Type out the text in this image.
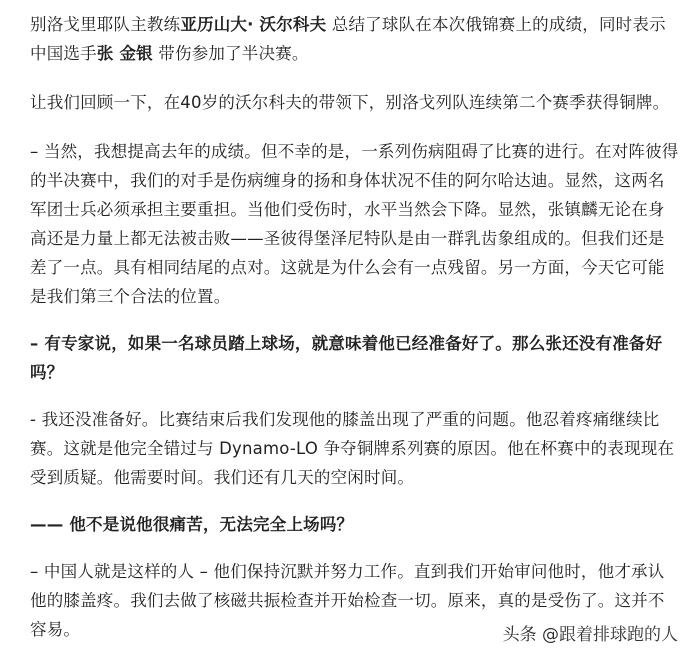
别洛戈里耶队主教练亚历山大· 沃尔科夫 总结了球队在本次俄锦赛上的成绩，同时表示中国选手张 金银 带伤参加了半决赛。

让我们回顾一下，在40岁的沃尔科夫的带领下，别洛戈列队连续第二个赛季获得铜牌。

– 当然，我想提高去年的成绩。但不幸的是，一系列伤病阻碍了比赛的进行。在对阵彼得的半决赛中，我们的对手是伤病缠身的扬和身体状况不佳的阿尔哈达迪。显然，这两名军团士兵必须承担主要重担。当他们受伤时，水平当然会下降。显然，张镇麟无论在身高还是力量上都无法被击败——圣彼得堡泽尼特队是由一群乳齿象组成的。但我们还是差了一点。具有相同结尾的点对。这就是为什么会有一点残留。另一方面，今天它可能是我们第三个合法的位置。

– 有专家说，如果一名球员踏上球场，就意味着他已经准备好了。那么张还没有准备好吗？

- 我还没准备好。比赛结束后我们发现他的膝盖出现了严重的问题。他忍着疼痛继续比赛。这就是他完全错过与 Dynamo-LO 争夺铜牌系列赛的原因。他在杯赛中的表现现在受到质疑。他需要时间。我们还有几天的空闲时间。

—— 他不是说他很痛苦，无法完全上场吗？

– 中国人就是这样的人 – 他们保持沉默并努力工作。直到我们开始审问他时，他才承认他的膝盖疼。我们去做了核磁共振检查并开始检查一切。原来，真的是受伤了。这并不容易。	头条 @跟着排球跑的人
